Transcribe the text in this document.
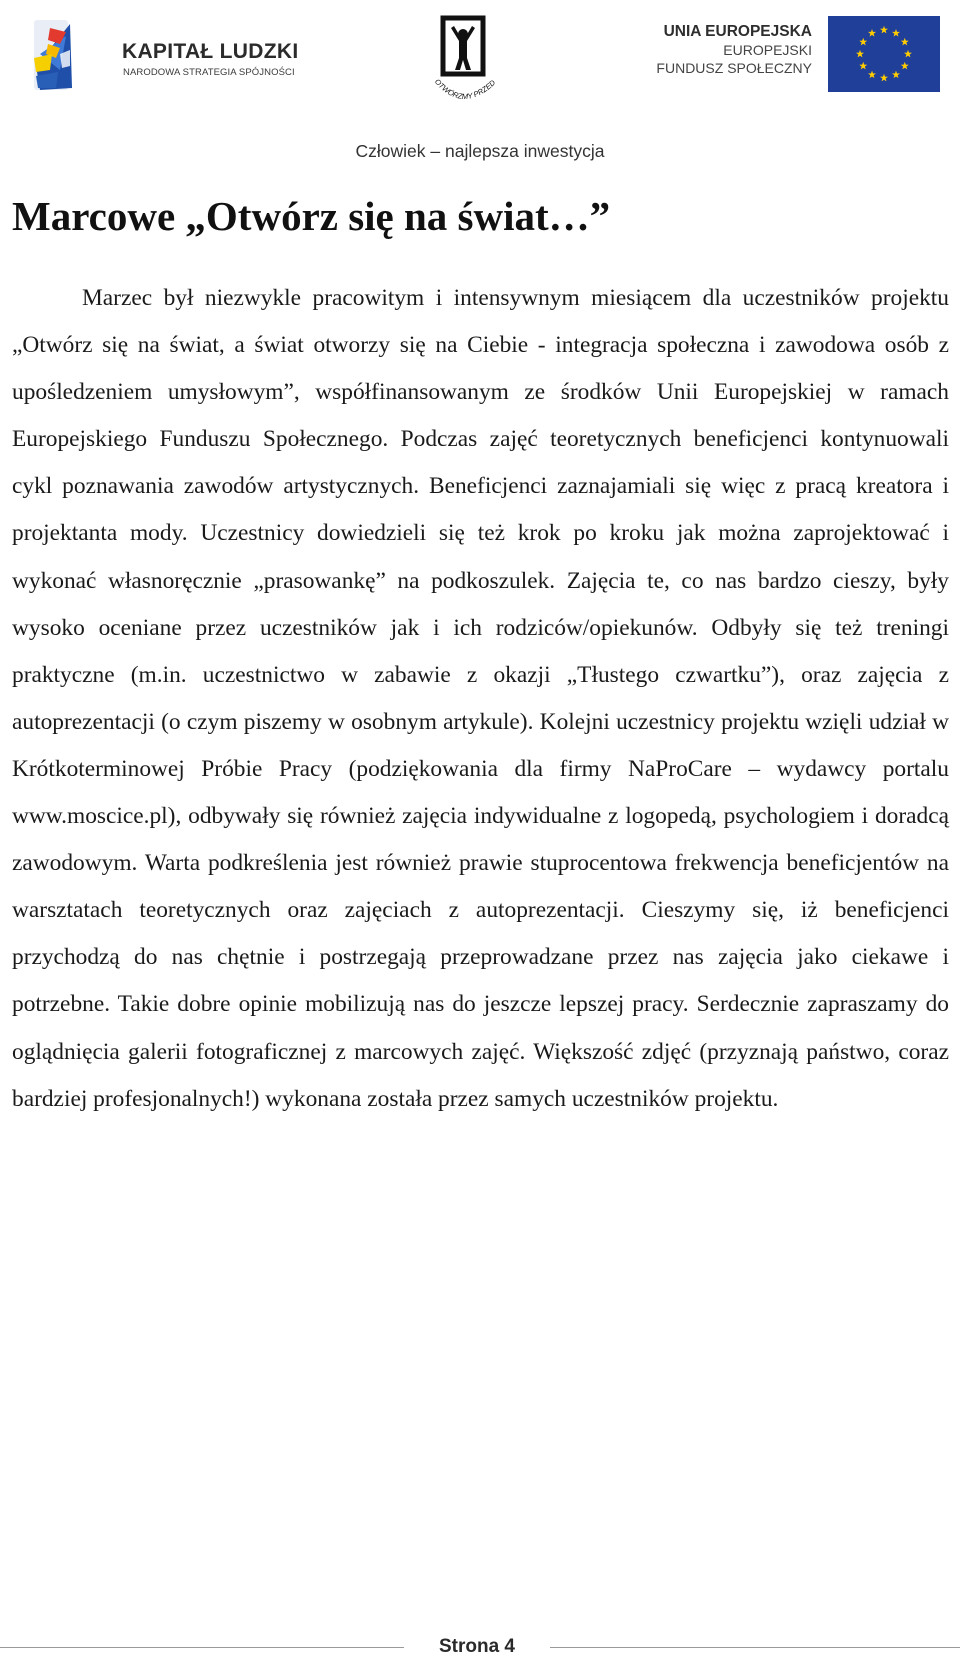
KAPITAŁ LUDZKI
NARODOWA STRATEGIA SPÓJNOŚCI
OTWÓRZMY PRZED
UNIA EUROPEJSKA
EUROPEJSKI
FUNDUSZ SPOŁECZNY
Człowiek – najlepsza inwestycja
Marcowe „Otwórz się na świat…”

Marzec był niezwykle pracowitym i intensywnym miesiącem dla uczestników projektu „Otwórz się na świat, a świat otworzy się na Ciebie - integracja społeczna i zawodowa osób z upośledzeniem umysłowym”, współfinansowanym ze środków Unii Europejskiej w ramach Europejskiego Funduszu Społecznego. Podczas zajęć teoretycznych beneficjenci kontynuowali cykl poznawania zawodów artystycznych. Beneficjenci zaznajamiali się więc z pracą kreatora i projektanta mody. Uczestnicy dowiedzieli się też krok po kroku jak można zaprojektować i wykonać własnoręcznie „prasowankę” na podkoszulek. Zajęcia te, co nas bardzo cieszy, były wysoko oceniane przez uczestników jak i ich rodziców/opiekunów. Odbyły się też treningi praktyczne (m.in. uczestnictwo w zabawie z okazji „Tłustego czwartku”), oraz zajęcia z autoprezentacji (o czym piszemy w osobnym artykule). Kolejni uczestnicy projektu wzięli udział w Krótkoterminowej Próbie Pracy (podziękowania dla firmy NaProCare – wydawcy portalu www.moscice.pl), odbywały się również zajęcia indywidualne z logopedą, psychologiem i doradcą zawodowym. Warta podkreślenia jest również prawie stuprocentowa frekwencja beneficjentów na warsztatach teoretycznych oraz zajęciach z autoprezentacji. Cieszymy się, iż beneficjenci przychodzą do nas chętnie i postrzegają przeprowadzane przez nas zajęcia jako ciekawe i potrzebne. Takie dobre opinie mobilizują nas do jeszcze lepszej pracy. Serdecznie zapraszamy do oglądnięcia galerii fotograficznej z marcowych zajęć. Większość zdjęć (przyznają państwo, coraz bardziej profesjonalnych!) wykonana została przez samych uczestników projektu.

Strona 4
